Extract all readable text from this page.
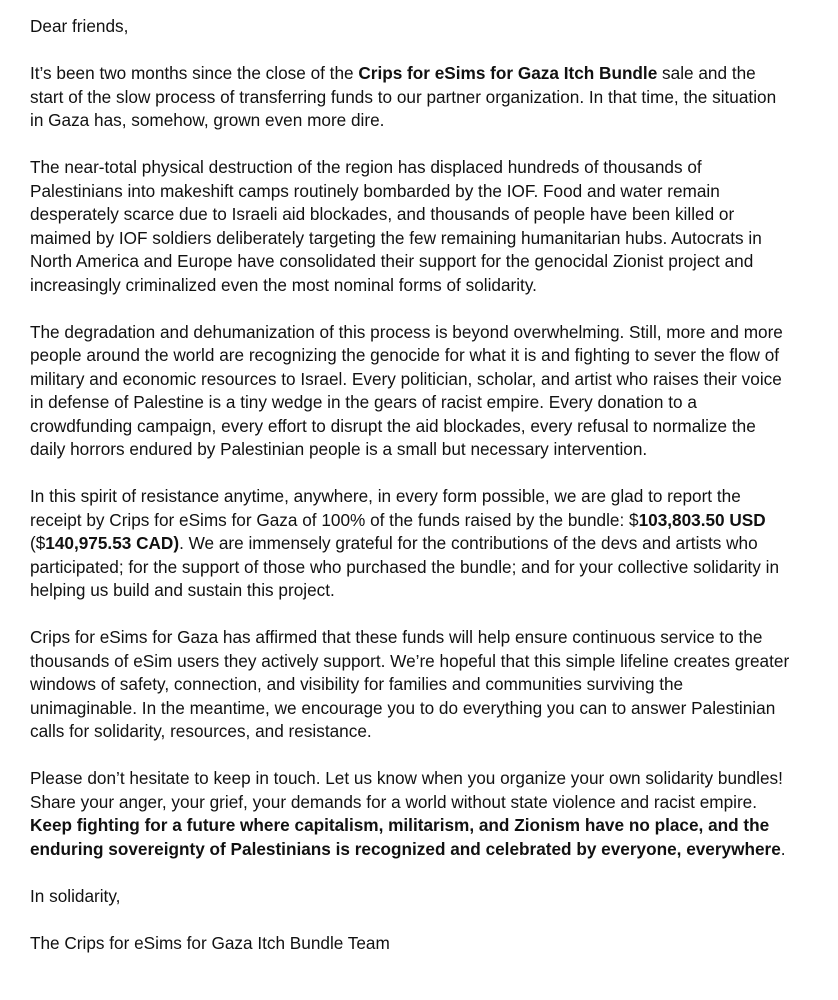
Dear friends,

It’s been two months since the close of the Crips for eSims for Gaza Itch Bundle sale and the start of the slow process of transferring funds to our partner organization. In that time, the situation in Gaza has, somehow, grown even more dire.

The near-total physical destruction of the region has displaced hundreds of thousands of Palestinians into makeshift camps routinely bombarded by the IOF. Food and water remain desperately scarce due to Israeli aid blockades, and thousands of people have been killed or maimed by IOF soldiers deliberately targeting the few remaining humanitarian hubs. Autocrats in North America and Europe have consolidated their support for the genocidal Zionist project and increasingly criminalized even the most nominal forms of solidarity.

The degradation and dehumanization of this process is beyond overwhelming. Still, more and more people around the world are recognizing the genocide for what it is and fighting to sever the flow of military and economic resources to Israel. Every politician, scholar, and artist who raises their voice in defense of Palestine is a tiny wedge in the gears of racist empire. Every donation to a crowdfunding campaign, every effort to disrupt the aid blockades, every refusal to normalize the daily horrors endured by Palestinian people is a small but necessary intervention.

In this spirit of resistance anytime, anywhere, in every form possible, we are glad to report the receipt by Crips for eSims for Gaza of 100% of the funds raised by the bundle: $103,803.50 USD ($140,975.53 CAD). We are immensely grateful for the contributions of the devs and artists who participated; for the support of those who purchased the bundle; and for your collective solidarity in helping us build and sustain this project.

Crips for eSims for Gaza has affirmed that these funds will help ensure continuous service to the thousands of eSim users they actively support. We’re hopeful that this simple lifeline creates greater windows of safety, connection, and visibility for families and communities surviving the unimaginable. In the meantime, we encourage you to do everything you can to answer Palestinian calls for solidarity, resources, and resistance.

Please don’t hesitate to keep in touch. Let us know when you organize your own solidarity bundles! Share your anger, your grief, your demands for a world without state violence and racist empire. Keep fighting for a future where capitalism, militarism, and Zionism have no place, and the enduring sovereignty of Palestinians is recognized and celebrated by everyone, everywhere.

In solidarity,

The Crips for eSims for Gaza Itch Bundle Team
